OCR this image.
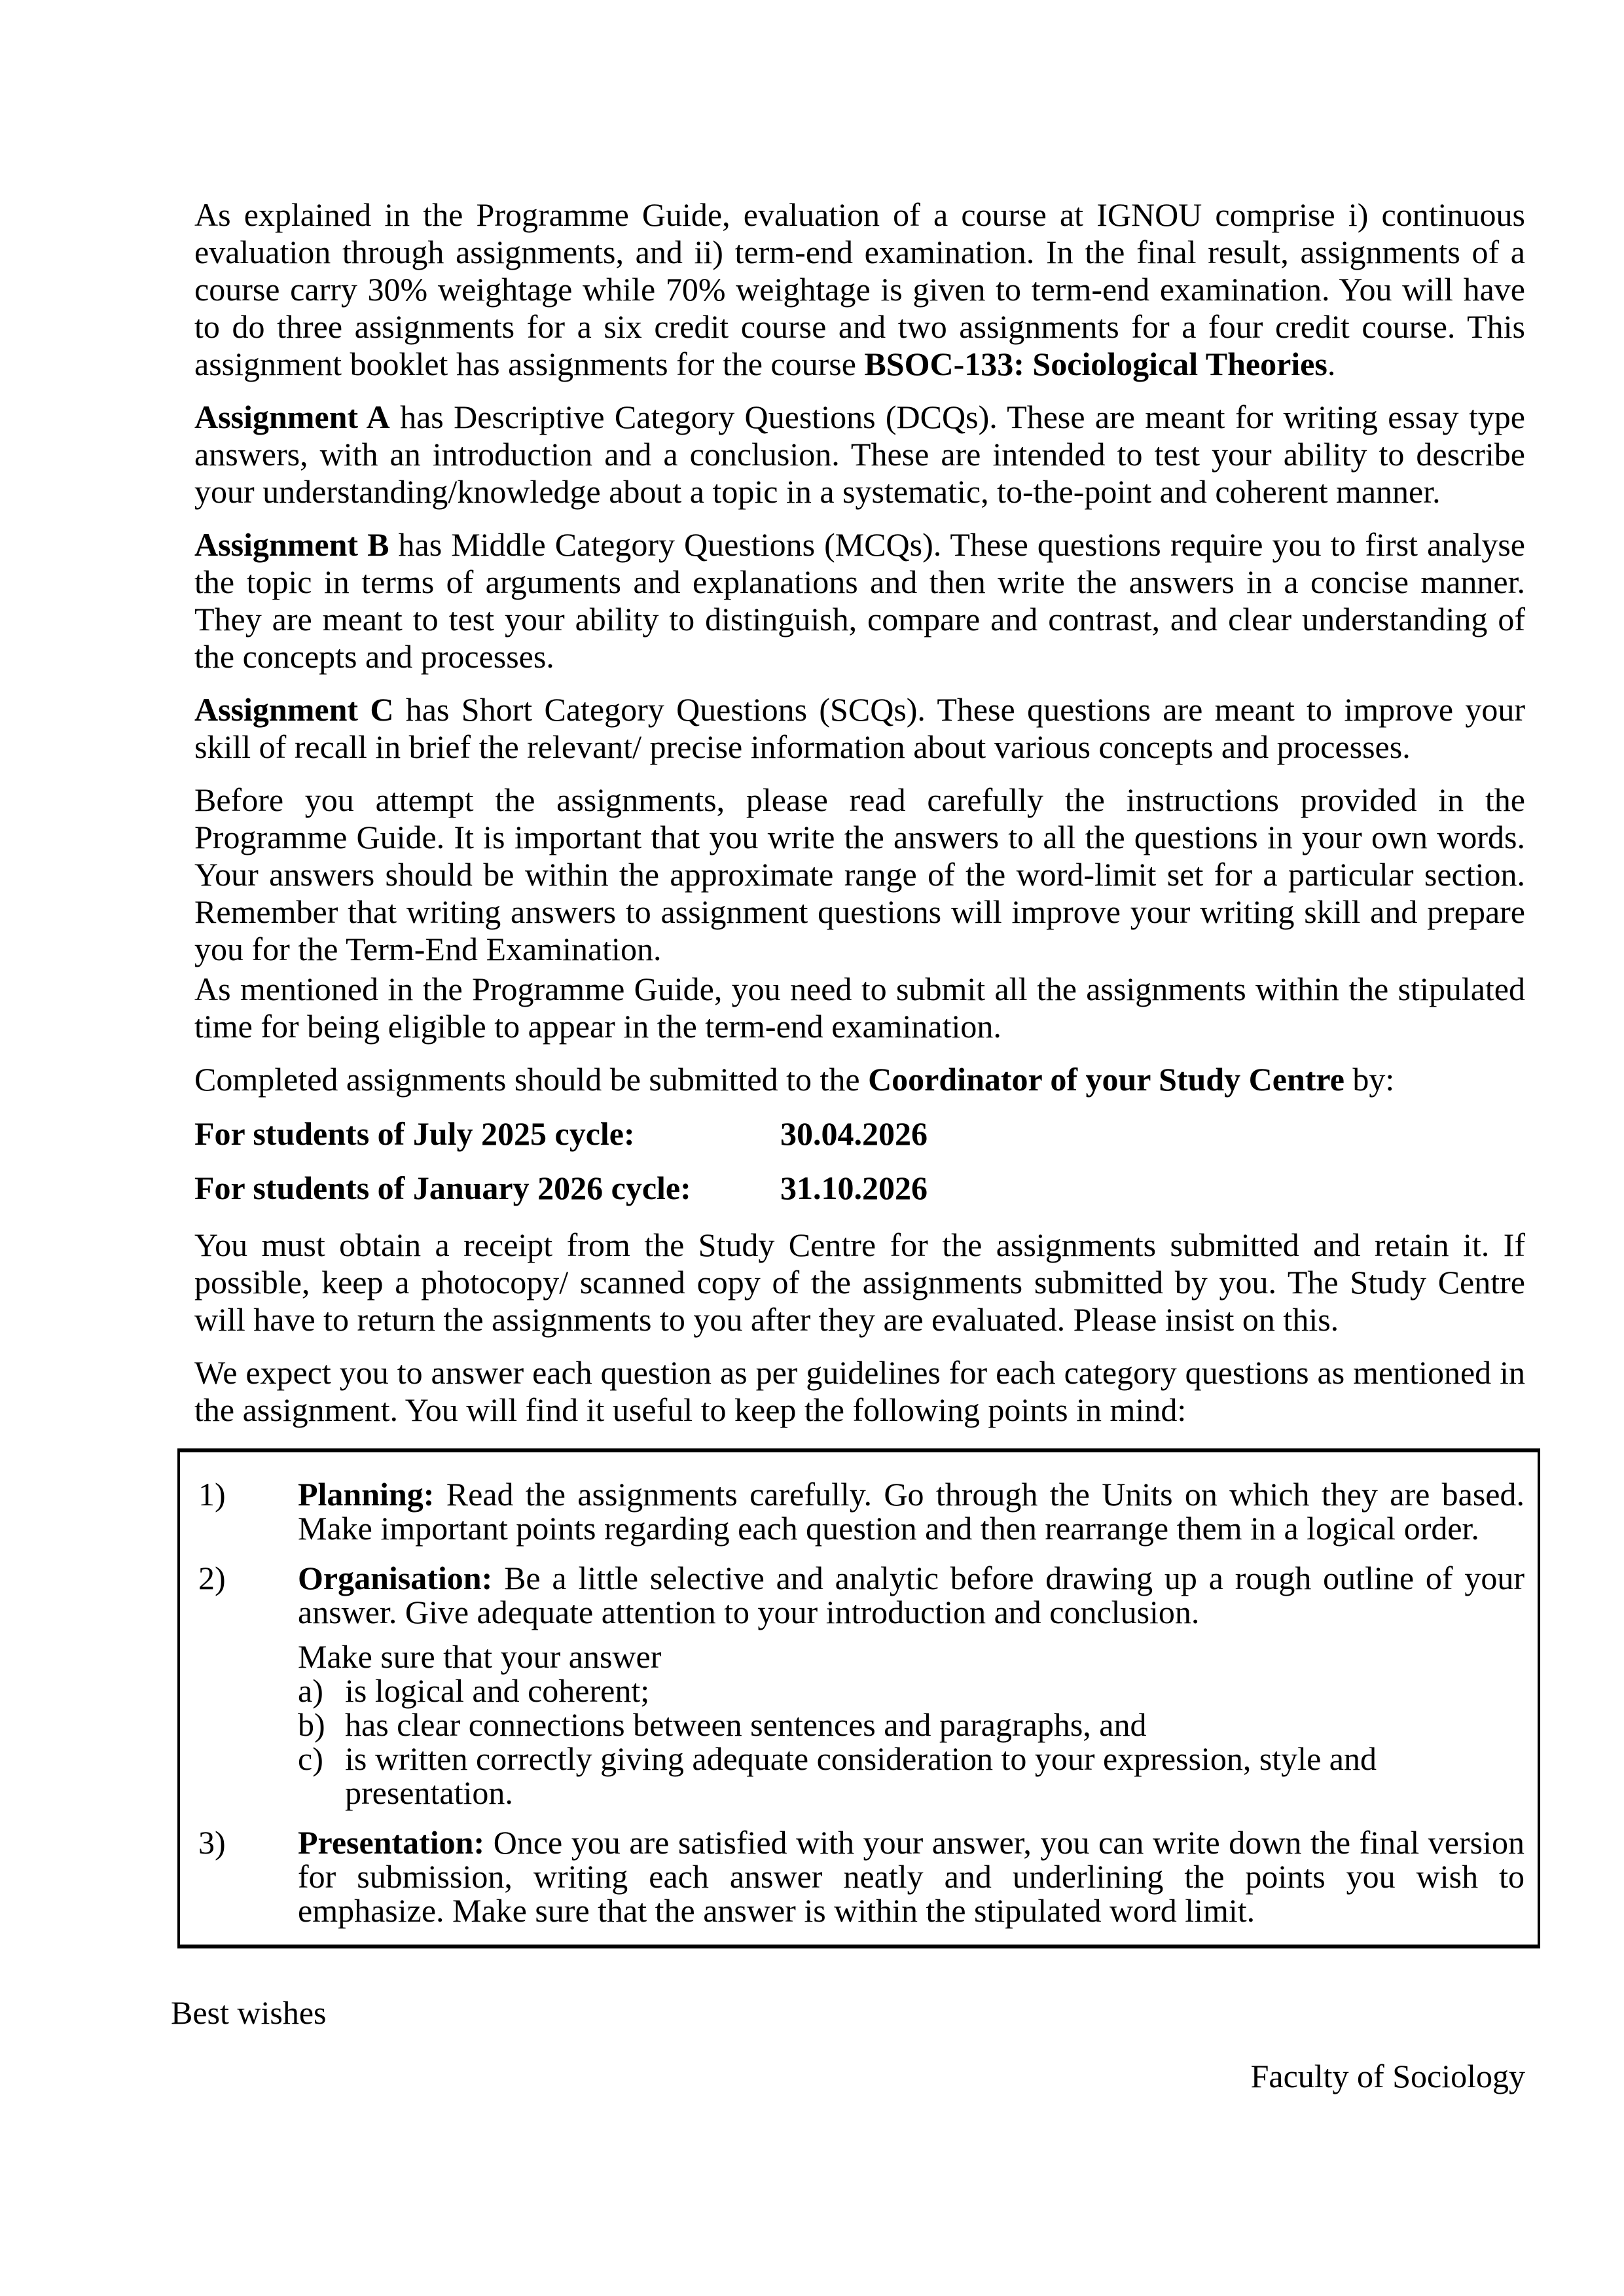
As explained in the Programme Guide, evaluation of a course at IGNOU comprise i) continuous evaluation through assignments, and ii) term-end examination. In the final result, assignments of a course carry 30% weightage while 70% weightage is given to term-end examination. You will have to do three assignments for a six credit course and two assignments for a four credit course. This assignment booklet has assignments for the course BSOC-133: Sociological Theories.

Assignment A has Descriptive Category Questions (DCQs). These are meant for writing essay type answers, with an introduction and a conclusion. These are intended to test your ability to describe your understanding/knowledge about a topic in a systematic, to-the-point and coherent manner.

Assignment B has Middle Category Questions (MCQs). These questions require you to first analyse the topic in terms of arguments and explanations and then write the answers in a concise manner. They are meant to test your ability to distinguish, compare and contrast, and clear understanding of the concepts and processes.

Assignment C has Short Category Questions (SCQs). These questions are meant to improve your skill of recall in brief the relevant/ precise information about various concepts and processes.

Before you attempt the assignments, please read carefully the instructions provided in the Programme Guide. It is important that you write the answers to all the questions in your own words. Your answers should be within the approximate range of the word-limit set for a particular section. Remember that writing answers to assignment questions will improve your writing skill and prepare you for the Term-End Examination.

As mentioned in the Programme Guide, you need to submit all the assignments within the stipulated time for being eligible to appear in the term-end examination.

Completed assignments should be submitted to the Coordinator of your Study Centre by:

For students of July 2025 cycle:	30.04.2026
For students of January 2026 cycle:	31.10.2026

You must obtain a receipt from the Study Centre for the assignments submitted and retain it. If possible, keep a photocopy/ scanned copy of the assignments submitted by you. The Study Centre will have to return the assignments to you after they are evaluated. Please insist on this.

We expect you to answer each question as per guidelines for each category questions as mentioned in the assignment. You will find it useful to keep the following points in mind:

1)	Planning: Read the assignments carefully. Go through the Units on which they are based. Make important points regarding each question and then rearrange them in a logical order.
2)	Organisation: Be a little selective and analytic before drawing up a rough outline of your answer. Give adequate attention to your introduction and conclusion.
Make sure that your answer
a) is logical and coherent;
b) has clear connections between sentences and paragraphs, and
c) is written correctly giving adequate consideration to your expression, style and presentation.
3)	Presentation: Once you are satisfied with your answer, you can write down the final version for submission, writing each answer neatly and underlining the points you wish to emphasize. Make sure that the answer is within the stipulated word limit.
Best wishes
Faculty of Sociology
